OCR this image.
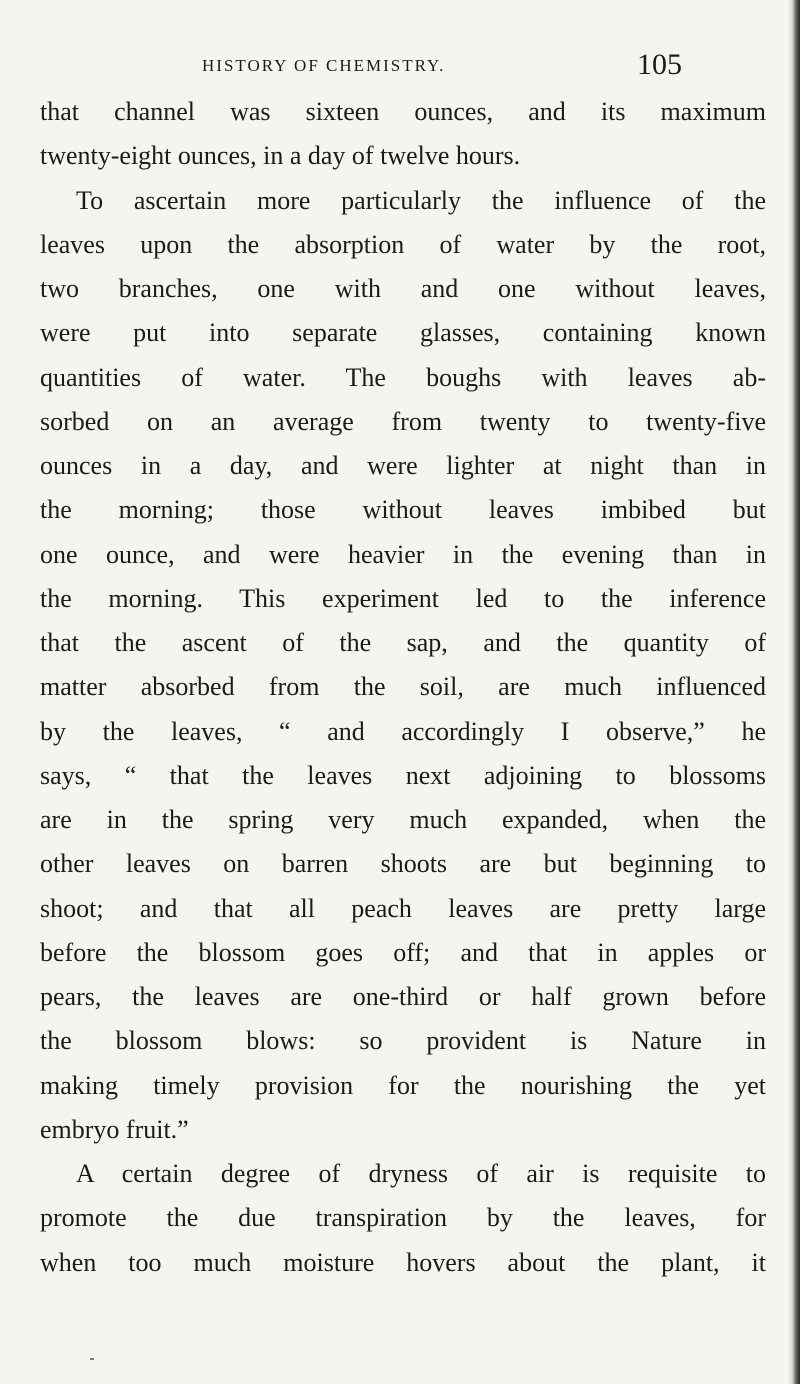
HISTORY OF CHEMISTRY.	105
that channel was sixteen ounces, and its maximum
twenty-eight ounces, in a day of twelve hours.
To ascertain more particularly the influence of the
leaves upon the absorption of water by the root,
two branches, one with and one without leaves,
were put into separate glasses, containing known
quantities of water. The boughs with leaves ab-
sorbed on an average from twenty to twenty-five
ounces in a day, and were lighter at night than in
the morning; those without leaves imbibed but
one ounce, and were heavier in the evening than in
the morning. This experiment led to the inference
that the ascent of the sap, and the quantity of
matter absorbed from the soil, are much influenced
by the leaves, “ and accordingly I observe,” he
says, “ that the leaves next adjoining to blossoms
are in the spring very much expanded, when the
other leaves on barren shoots are but beginning to
shoot; and that all peach leaves are pretty large
before the blossom goes off; and that in apples or
pears, the leaves are one-third or half grown before
the blossom blows: so provident is Nature in
making timely provision for the nourishing the yet
embryo fruit.”
A certain degree of dryness of air is requisite to
promote the due transpiration by the leaves, for
when too much moisture hovers about the plant, it
